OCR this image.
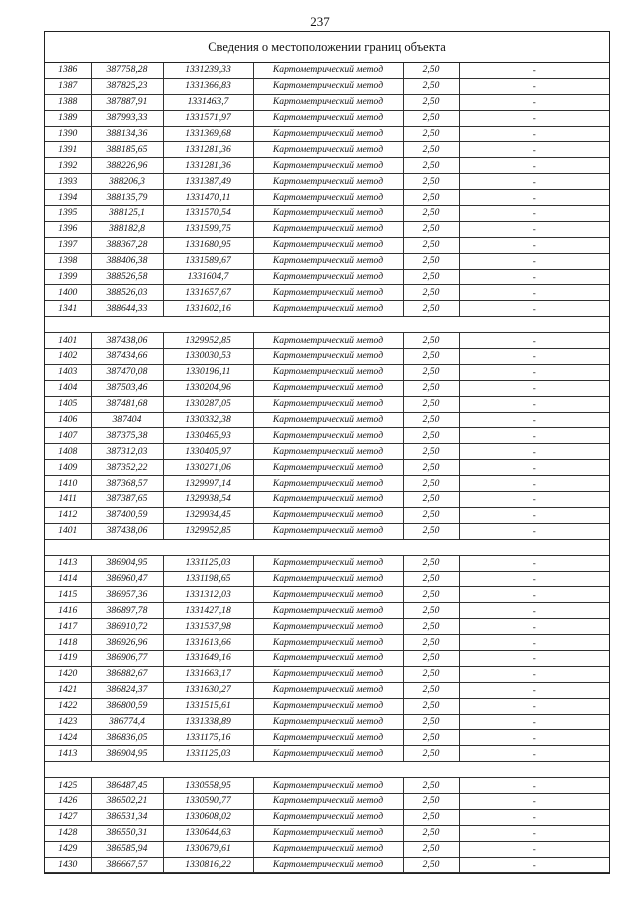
237
Сведения о местоположении границ объекта
1386	387758,28	1331239,33	Картометрический метод	2,50	-
1387	387825,23	1331366,83	Картометрический метод	2,50	-
1388	387887,91	1331463,7	Картометрический метод	2,50	-
1389	387993,33	1331571,97	Картометрический метод	2,50	-
1390	388134,36	1331369,68	Картометрический метод	2,50	-
1391	388185,65	1331281,36	Картометрический метод	2,50	-
1392	388226,96	1331281,36	Картометрический метод	2,50	-
1393	388206,3	1331387,49	Картометрический метод	2,50	-
1394	388135,79	1331470,11	Картометрический метод	2,50	-
1395	388125,1	1331570,54	Картометрический метод	2,50	-
1396	388182,8	1331599,75	Картометрический метод	2,50	-
1397	388367,28	1331680,95	Картометрический метод	2,50	-
1398	388406,38	1331589,67	Картометрический метод	2,50	-
1399	388526,58	1331604,7	Картометрический метод	2,50	-
1400	388526,03	1331657,67	Картометрический метод	2,50	-
1341	388644,33	1331602,16	Картометрический метод	2,50	-

1401	387438,06	1329952,85	Картометрический метод	2,50	-
1402	387434,66	1330030,53	Картометрический метод	2,50	-
1403	387470,08	1330196,11	Картометрический метод	2,50	-
1404	387503,46	1330204,96	Картометрический метод	2,50	-
1405	387481,68	1330287,05	Картометрический метод	2,50	-
1406	387404	1330332,38	Картометрический метод	2,50	-
1407	387375,38	1330465,93	Картометрический метод	2,50	-
1408	387312,03	1330405,97	Картометрический метод	2,50	-
1409	387352,22	1330271,06	Картометрический метод	2,50	-
1410	387368,57	1329997,14	Картометрический метод	2,50	-
1411	387387,65	1329938,54	Картометрический метод	2,50	-
1412	387400,59	1329934,45	Картометрический метод	2,50	-
1401	387438,06	1329952,85	Картометрический метод	2,50	-

1413	386904,95	1331125,03	Картометрический метод	2,50	-
1414	386960,47	1331198,65	Картометрический метод	2,50	-
1415	386957,36	1331312,03	Картометрический метод	2,50	-
1416	386897,78	1331427,18	Картометрический метод	2,50	-
1417	386910,72	1331537,98	Картометрический метод	2,50	-
1418	386926,96	1331613,66	Картометрический метод	2,50	-
1419	386906,77	1331649,16	Картометрический метод	2,50	-
1420	386882,67	1331663,17	Картометрический метод	2,50	-
1421	386824,37	1331630,27	Картометрический метод	2,50	-
1422	386800,59	1331515,61	Картометрический метод	2,50	-
1423	386774,4	1331338,89	Картометрический метод	2,50	-
1424	386836,05	1331175,16	Картометрический метод	2,50	-
1413	386904,95	1331125,03	Картометрический метод	2,50	-

1425	386487,45	1330558,95	Картометрический метод	2,50	-
1426	386502,21	1330590,77	Картометрический метод	2,50	-
1427	386531,34	1330608,02	Картометрический метод	2,50	-
1428	386550,31	1330644,63	Картометрический метод	2,50	-
1429	386585,94	1330679,61	Картометрический метод	2,50	-
1430	386667,57	1330816,22	Картометрический метод	2,50	-
